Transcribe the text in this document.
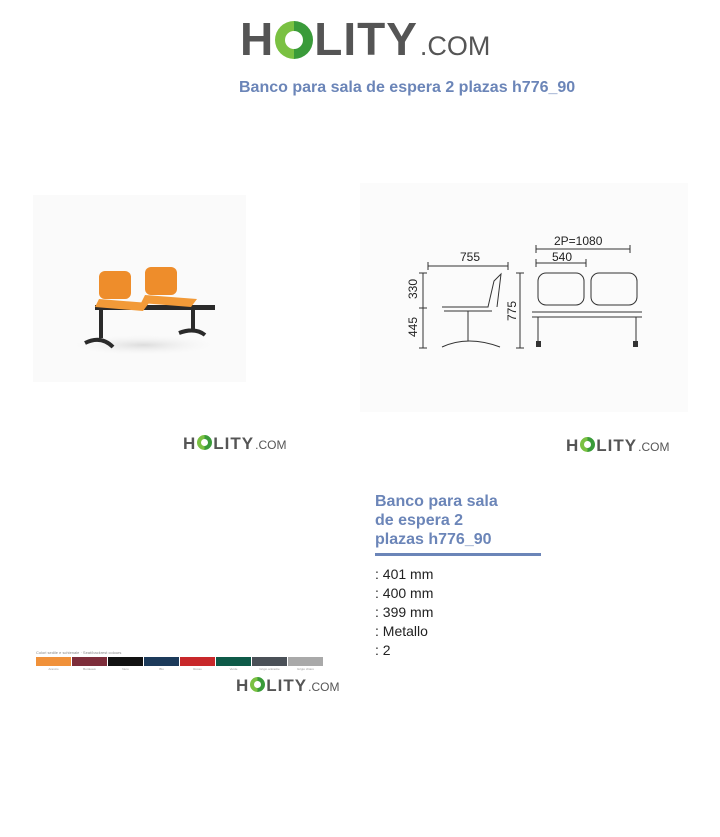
H LITY .COM
Banco para sala de espera 2 plazas h776_90
755
2P=1080
540
330
445
775
H LITY .COM	H LITY .COM
Colori sedile e schienale · Seat/backrest colours
Arancio	Bordeaux	Nero	Blu	Rosso	Verde	Grigio antracite	Grigio chiaro
H LITY .COM
Banco para sala
de espera 2
plazas h776_90
: 401 mm
: 400 mm
: 399 mm
: Metallo
: 2
